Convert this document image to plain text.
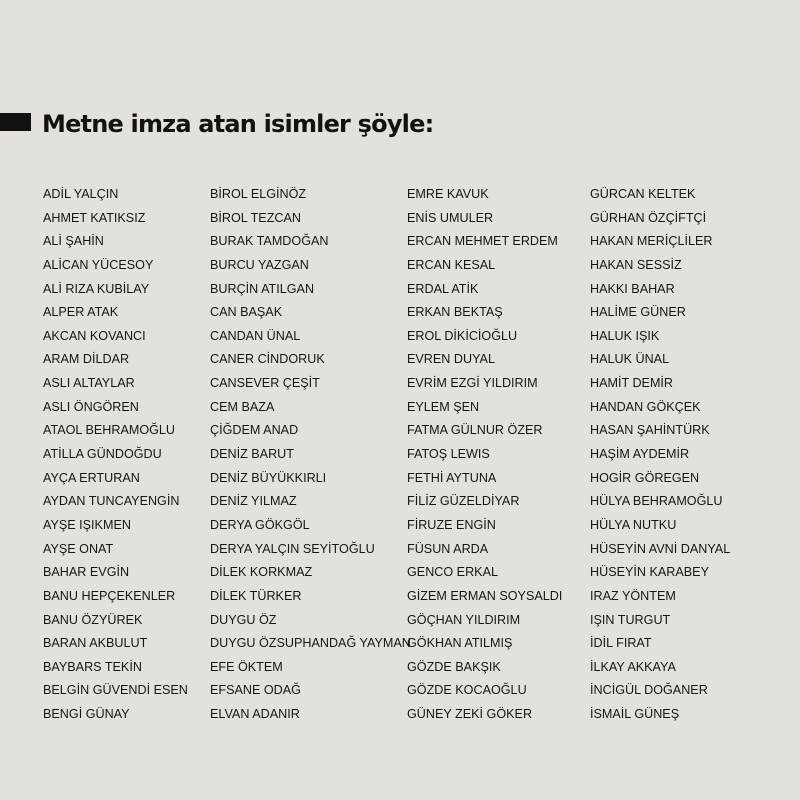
Metne imza atan isimler şöyle:
ADİL YALÇIN
AHMET KATIKSIZ
ALİ ŞAHİN
ALİCAN YÜCESOY
ALİ RIZA KUBİLAY
ALPER ATAK
AKCAN KOVANCI
ARAM DİLDAR
ASLI ALTAYLAR
ASLI ÖNGÖREN
ATAOL BEHRAMOĞLU
ATİLLA GÜNDOĞDU
AYÇA ERTURAN
AYDAN TUNCAYENGİN
AYŞE IŞIKMEN
AYŞE ONAT
BAHAR EVGİN
BANU HEPÇEKENLER
BANU ÖZYÜREK
BARAN AKBULUT
BAYBARS TEKİN
BELGİN GÜVENDİ ESEN
BENGİ GÜNAY
BİROL ELGİNÖZ
BİROL TEZCAN
BURAK TAMDOĞAN
BURCU YAZGAN
BURÇİN ATILGAN
CAN BAŞAK
CANDAN ÜNAL
CANER CİNDORUK
CANSEVER ÇEŞİT
CEM BAZA
ÇİĞDEM ANAD
DENİZ BARUT
DENİZ BÜYÜKKIRLI
DENİZ YILMAZ
DERYA GÖKGÖL
DERYA YALÇIN SEYİTOĞLU
DİLEK KORKMAZ
DİLEK TÜRKER
DUYGU ÖZ
DUYGU ÖZSUPHANDAĞ YAYMAN
EFE ÖKTEM
EFSANE ODAĞ
ELVAN ADANIR
EMRE KAVUK
ENİS UMULER
ERCAN MEHMET ERDEM
ERCAN KESAL
ERDAL ATİK
ERKAN BEKTAŞ
EROL DİKİCİOĞLU
EVREN DUYAL
EVRİM EZGİ YILDIRIM
EYLEM ŞEN
FATMA GÜLNUR ÖZER
FATOŞ LEWIS
FETHİ AYTUNA
FİLİZ GÜZELDİYAR
FİRUZE ENGİN
FÜSUN ARDA
GENCO ERKAL
GİZEM ERMAN SOYSALDI
GÖÇHAN YILDIRIM
GÖKHAN ATILMIŞ
GÖZDE BAKŞIK
GÖZDE KOCAOĞLU
GÜNEY ZEKİ GÖKER
GÜRCAN KELTEK
GÜRHAN ÖZÇİFTÇİ
HAKAN MERİÇLİLER
HAKAN SESSİZ
HAKKI BAHAR
HALİME GÜNER
HALUK IŞIK
HALUK ÜNAL
HAMİT DEMİR
HANDAN GÖKÇEK
HASAN ŞAHİNTÜRK
HAŞİM AYDEMİR
HOGİR GÖREGEN
HÜLYA BEHRAMOĞLU
HÜLYA NUTKU
HÜSEYİN AVNİ DANYAL
HÜSEYİN KARABEY
IRAZ YÖNTEM
IŞIN TURGUT
İDİL FIRAT
İLKAY AKKAYA
İNCİGÜL DOĞANER
İSMAİL GÜNEŞ
